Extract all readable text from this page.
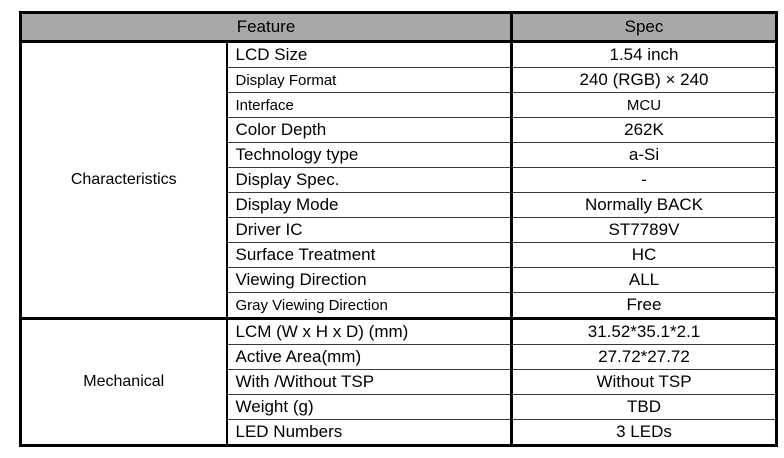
Feature		Spec
Characteristics	LCD Size	1.54 inch
	Display Format	240 (RGB) × 240
	Interface	MCU
	Color Depth	262K
	Technology type	a-Si
	Display Spec.	-
	Display Mode	Normally BACK
	Driver IC	ST7789V
	Surface Treatment	HC
	Viewing Direction	ALL
	Gray Viewing Direction	Free
Mechanical	LCM (W x H x D) (mm)	31.52*35.1*2.1
	Active Area(mm)	27.72*27.72
	With /Without TSP	Without TSP
	Weight (g)	TBD
	LED Numbers	3 LEDs
